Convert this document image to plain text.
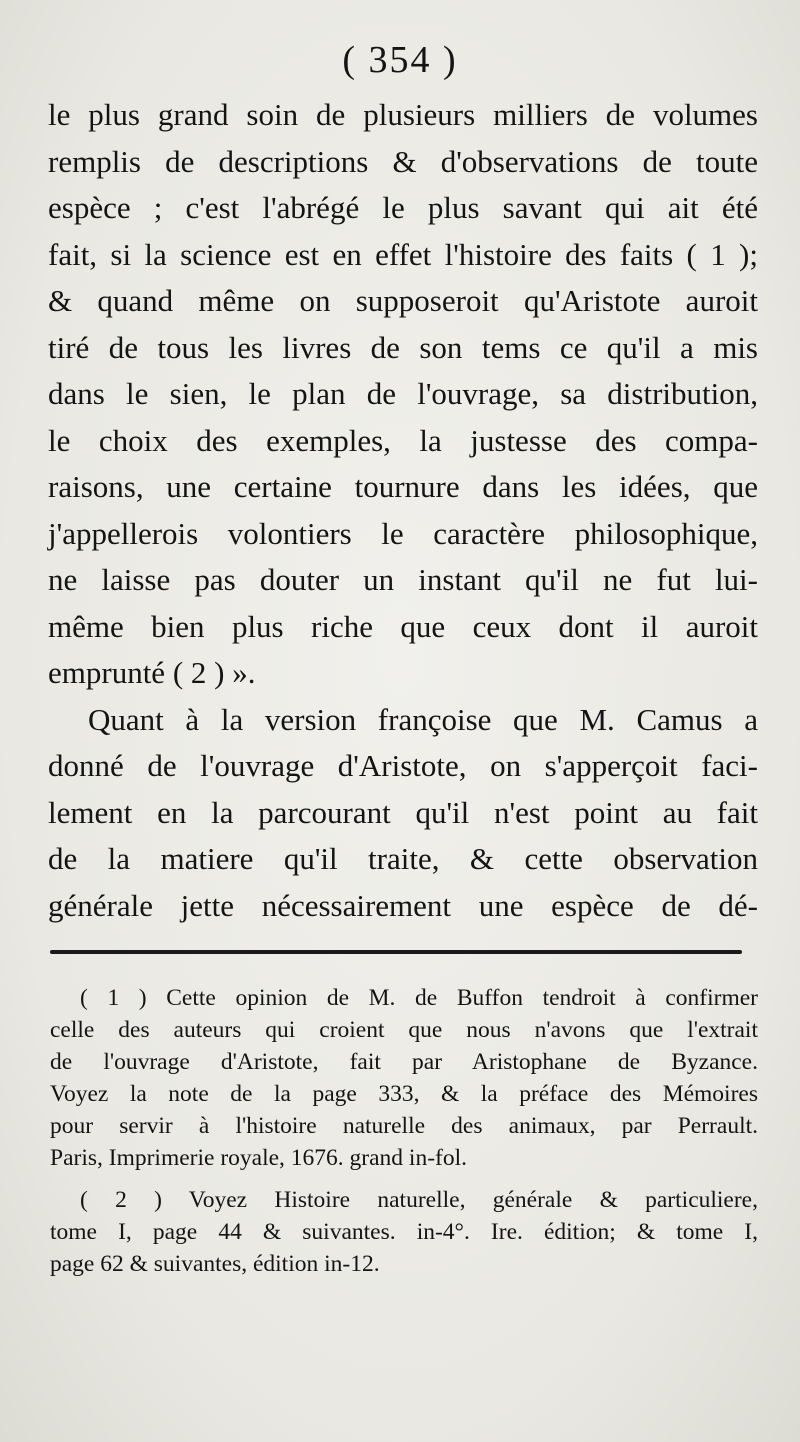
( 354 )
le plus grand soin de plusieurs milliers de volumes
remplis de descriptions & d'observations de toute
espèce ; c'est l'abrégé le plus savant qui ait été
fait, si la science est en effet l'histoire des faits ( 1 );
& quand même on supposeroit qu'Aristote auroit
tiré de tous les livres de son tems ce qu'il a mis
dans le sien, le plan de l'ouvrage, sa distribution,
le choix des exemples, la justesse des compa-
raisons, une certaine tournure dans les idées, que
j'appellerois volontiers le caractère philosophique,
ne laisse pas douter un instant qu'il ne fut lui-
même bien plus riche que ceux dont il auroit
emprunté ( 2 ) ».
Quant à la version françoise que M. Camus a
donné de l'ouvrage d'Aristote, on s'apperçoit faci-
lement en la parcourant qu'il n'est point au fait
de la matiere qu'il traite, & cette observation
générale jette nécessairement une espèce de dé-
( 1 ) Cette opinion de M. de Buffon tendroit à confirmer
celle des auteurs qui croient que nous n'avons que l'extrait
de l'ouvrage d'Aristote, fait par Aristophane de Byzance.
Voyez la note de la page 333, & la préface des Mémoires
pour servir à l'histoire naturelle des animaux, par Perrault.
Paris, Imprimerie royale, 1676. grand in-fol.
( 2 ) Voyez Histoire naturelle, générale & particuliere,
tome I, page 44 & suivantes. in-4°. Ire. édition; & tome I,
page 62 & suivantes, édition in-12.
